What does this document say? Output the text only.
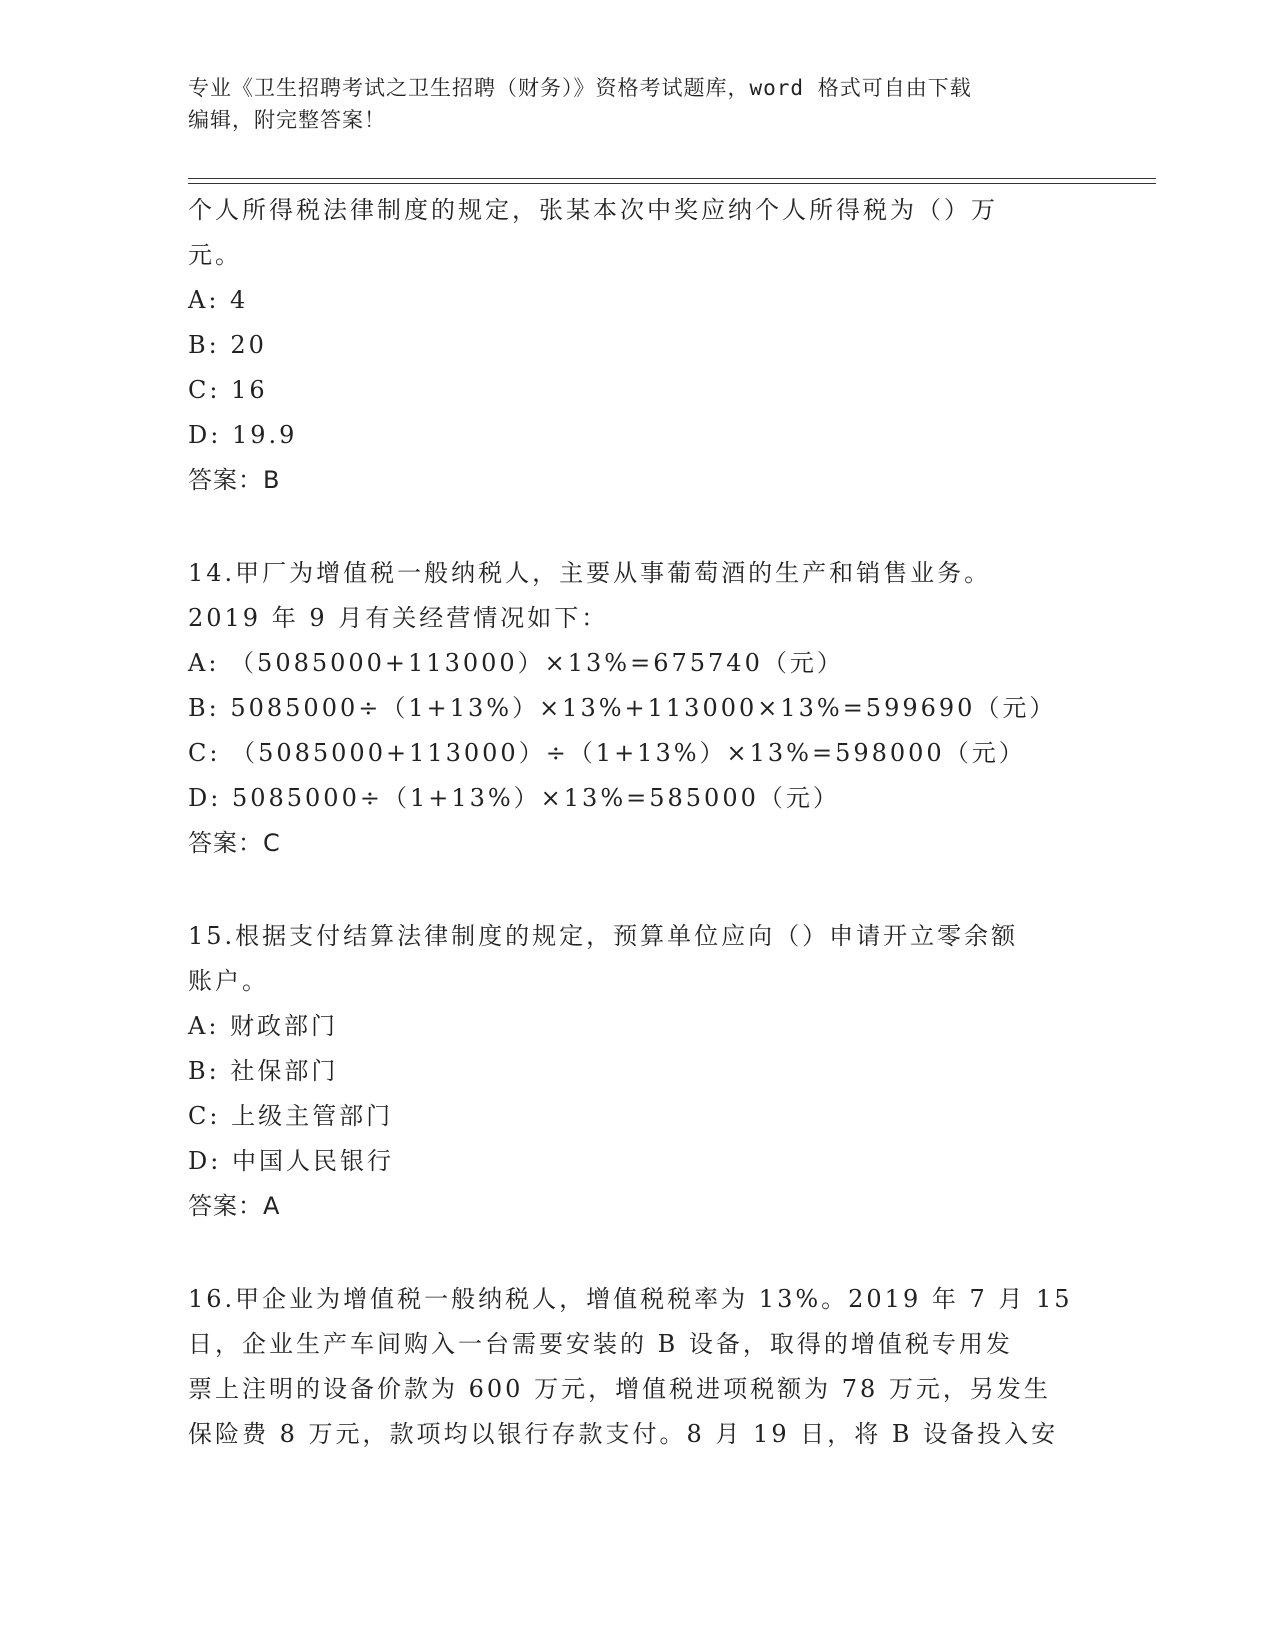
专业《卫生招聘考试之卫生招聘（财务）》资格考试题库，word 格式可自由下载
编辑，附完整答案！
个人所得税法律制度的规定，张某本次中奖应纳个人所得税为（）万
元。
A: 4
B: 20
C: 16
D: 19.9
答案：B
14.甲厂为增值税一般纳税人，主要从事葡萄酒的生产和销售业务。
2019 年 9 月有关经营情况如下：
A: （5085000+113000）×13%=675740（元）
B: 5085000÷（1+13%）×13%+113000×13%=599690（元）
C: （5085000+113000）÷（1+13%）×13%=598000（元）
D: 5085000÷（1+13%）×13%=585000（元）
答案：C
15.根据支付结算法律制度的规定，预算单位应向（）申请开立零余额
账户。
A: 财政部门
B: 社保部门
C: 上级主管部门
D: 中国人民银行
答案：A
16.甲企业为增值税一般纳税人，增值税税率为 13%。2019 年 7 月 15
日，企业生产车间购入一台需要安装的 B 设备，取得的增值税专用发
票上注明的设备价款为 600 万元，增值税进项税额为 78 万元，另发生
保险费 8 万元，款项均以银行存款支付。8 月 19 日，将 B 设备投入安
